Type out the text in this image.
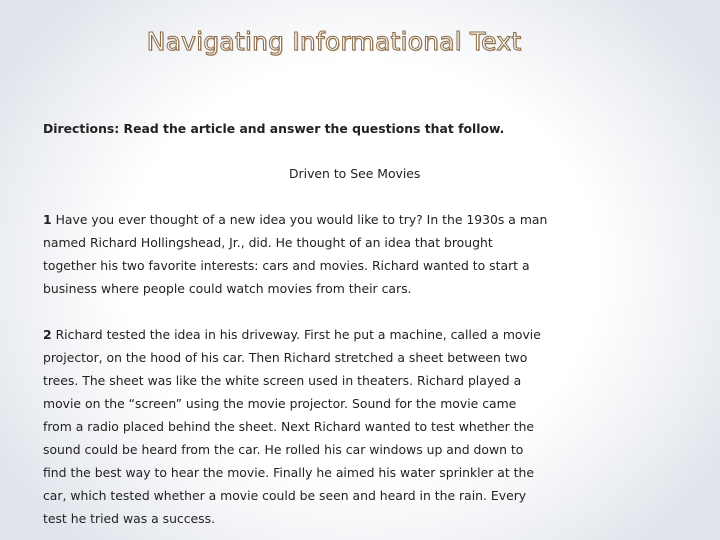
Navigating Informational Text
Directions: Read the article and answer the questions that follow.
Driven to See Movies

1 Have you ever thought of a new idea you would like to try? In the 1930s a man named Richard Hollingshead, Jr., did. He thought of an idea that brought together his two favorite interests: cars and movies. Richard wanted to start a business where people could watch movies from their cars.

2 Richard tested the idea in his driveway. First he put a machine, called a movie projector, on the hood of his car. Then Richard stretched a sheet between two trees. The sheet was like the white screen used in theaters. Richard played a movie on the “screen” using the movie projector. Sound for the movie came from a radio placed behind the sheet. Next Richard wanted to test whether the sound could be heard from the car. He rolled his car windows up and down to find the best way to hear the movie. Finally he aimed his water sprinkler at the car, which tested whether a movie could be seen and heard in the rain. Every test he tried was a success.
